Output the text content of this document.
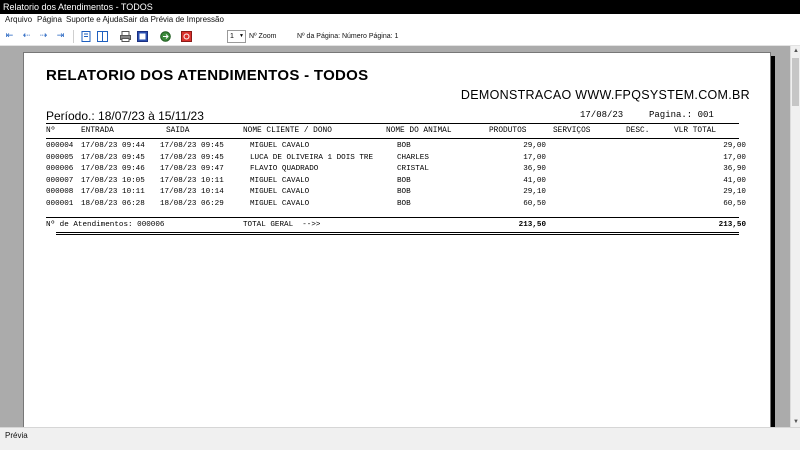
Relatorio dos Atendimentos - TODOS
Arquivo Página Suporte e Ajuda Sair da Prévia de Impressão
⇤ ⇠ ⇢ ⇥	1 ▼ Nº Zoom	Nº da Página: Número Página: 1
RELATORIO DOS ATENDIMENTOS - TODOS
DEMONSTRACAO WWW.FPQSYSTEM.COM.BR
Período.: 18/07/23 à 15/11/23	17/08/23	Pagina.: 001
Nº	ENTRADA	SAIDA	NOME CLIENTE / DONO	NOME DO ANIMAL	PRODUTOS	SERVIÇOS	DESC.	VLR TOTAL
000004 17/08/23 09:44 17/08/23 09:45	MIGUEL CAVALO	BOB	29,00	29,00
000005 17/08/23 09:45 17/08/23 09:45	LUCA DE OLIVEIRA 1 DOIS TRE	CHARLES	17,00	17,00
000006 17/08/23 09:46 17/08/23 09:47	FLAVIO QUADRADO	CRISTAL	36,90	36,90
000007 17/08/23 10:05 17/08/23 10:11	MIGUEL CAVALO	BOB	41,00	41,00
000008 17/08/23 10:11 17/08/23 10:14	MIGUEL CAVALO	BOB	29,10	29,10
000001 18/08/23 06:28 18/08/23 06:29	MIGUEL CAVALO	BOB	60,50	60,50
Nº de Atendimentos: 000006	TOTAL GERAL  -->>	213,50	213,50
▲
▼
Prévia
